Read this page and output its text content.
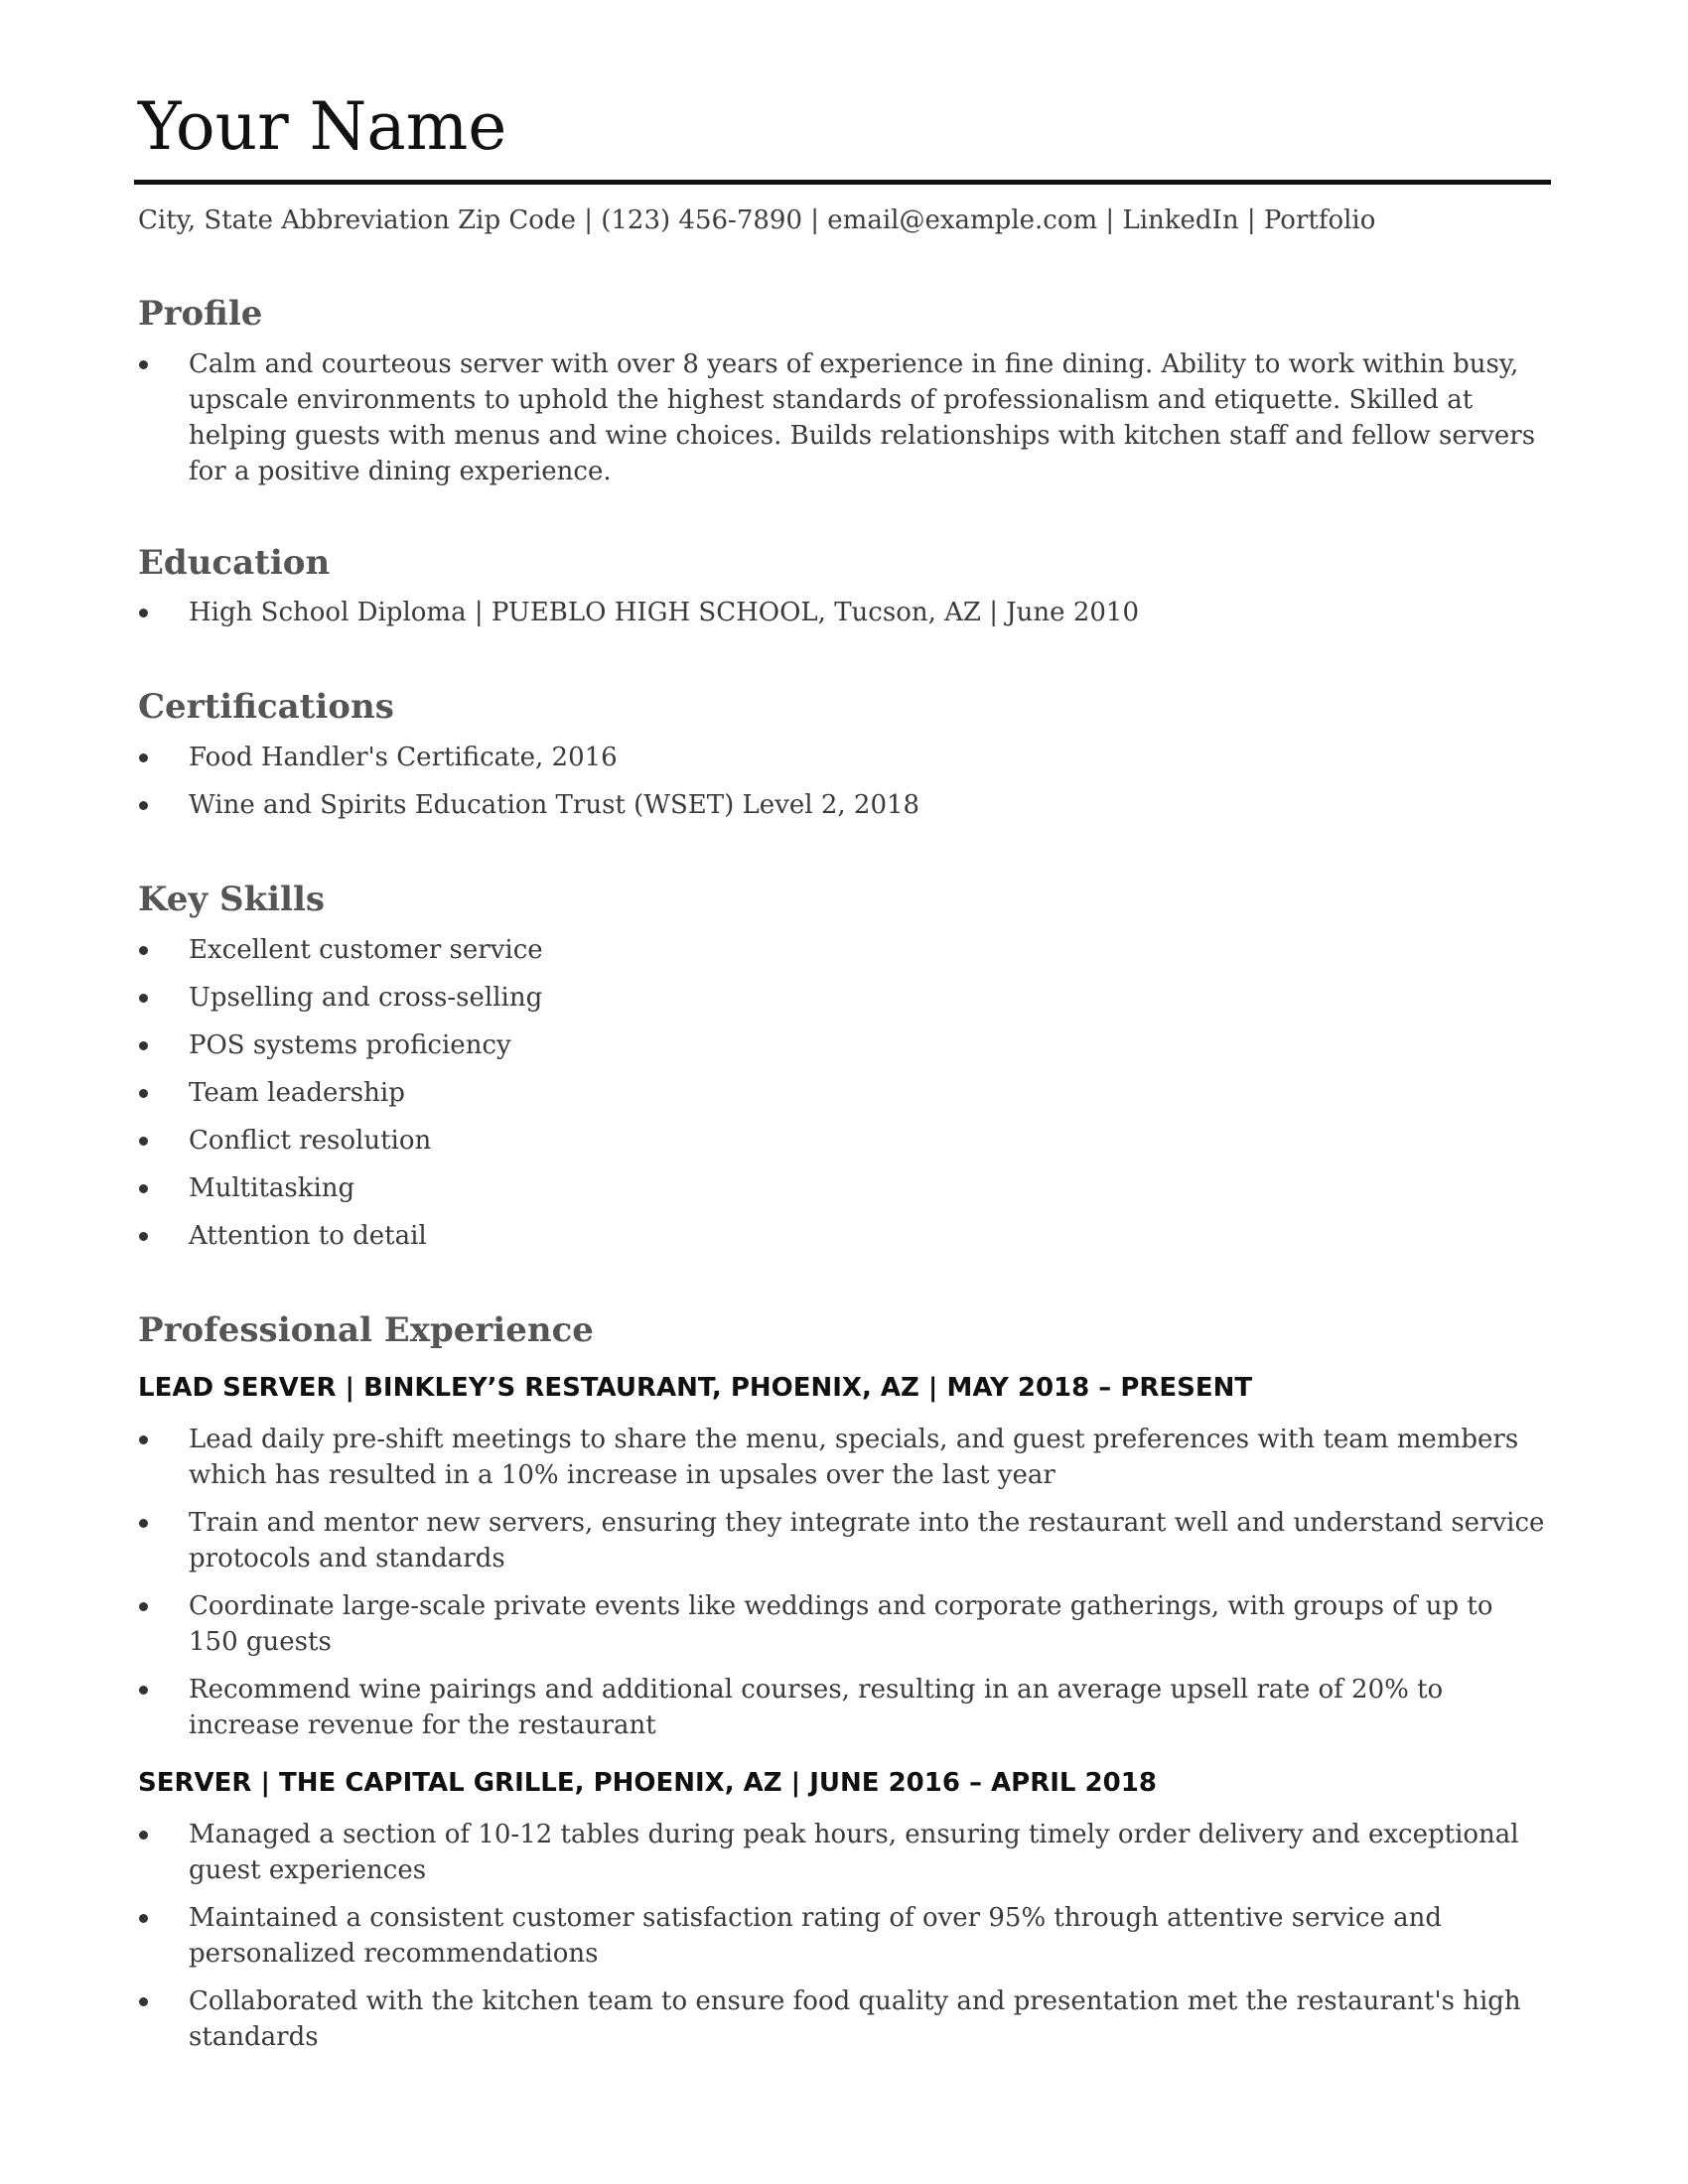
Your Name
City, State Abbreviation Zip Code | (123) 456-7890 | email@example.com | LinkedIn | Portfolio
Profile
Calm and courteous server with over 8 years of experience in fine dining. Ability to work within busy, upscale environments to uphold the highest standards of professionalism and etiquette. Skilled at helping guests with menus and wine choices. Builds relationships with kitchen staff and fellow servers for a positive dining experience.
Education
High School Diploma | PUEBLO HIGH SCHOOL, Tucson, AZ | June 2010
Certifications
Food Handler's Certificate, 2016
Wine and Spirits Education Trust (WSET) Level 2, 2018
Key Skills
Excellent customer service
Upselling and cross-selling
POS systems proficiency
Team leadership
Conflict resolution
Multitasking
Attention to detail
Professional Experience
LEAD SERVER | BINKLEY’S RESTAURANT, PHOENIX, AZ | MAY 2018 – PRESENT
Lead daily pre-shift meetings to share the menu, specials, and guest preferences with team members which has resulted in a 10% increase in upsales over the last year
Train and mentor new servers, ensuring they integrate into the restaurant well and understand service protocols and standards
Coordinate large-scale private events like weddings and corporate gatherings, with groups of up to 150 guests
Recommend wine pairings and additional courses, resulting in an average upsell rate of 20% to increase revenue for the restaurant
SERVER | THE CAPITAL GRILLE, PHOENIX, AZ | JUNE 2016 – APRIL 2018
Managed a section of 10-12 tables during peak hours, ensuring timely order delivery and exceptional guest experiences
Maintained a consistent customer satisfaction rating of over 95% through attentive service and personalized recommendations
Collaborated with the kitchen team to ensure food quality and presentation met the restaurant's high standards
